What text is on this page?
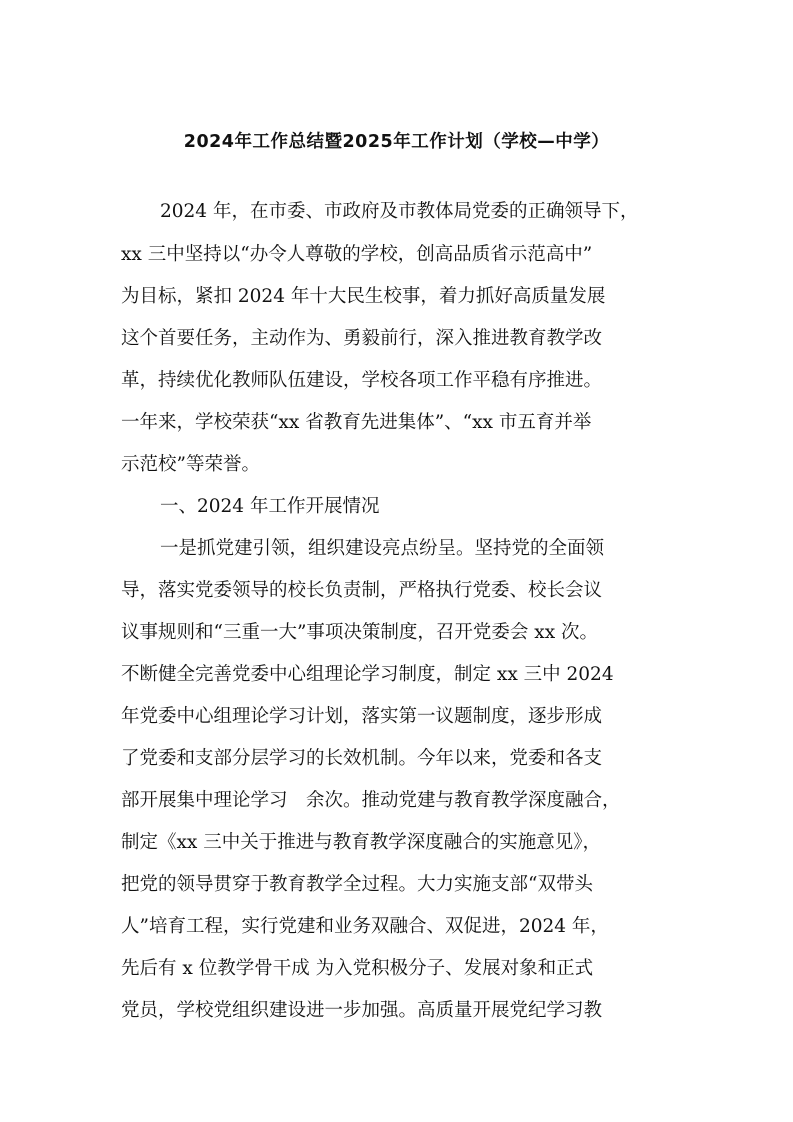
2024年工作总结暨2025年工作计划（学校—中学）
2024 年，在市委、市政府及市教体局党委的正确领导下，
xx 三中坚持以“办令人尊敬的学校，创高品质省示范高中”
为目标，紧扣 2024 年十大民生校事，着力抓好高质量发展
这个首要任务，主动作为、勇毅前行，深入推进教育教学改
革，持续优化教师队伍建设，学校各项工作平稳有序推进。
一年来，学校荣获“xx 省教育先进集体”、“xx 市五育并举
示范校”等荣誉。
一、2024 年工作开展情况
一是抓党建引领，组织建设亮点纷呈。坚持党的全面领
导，落实党委领导的校长负责制，严格执行党委、校长会议
议事规则和“三重一大”事项决策制度，召开党委会 xx 次。
不断健全完善党委中心组理论学习制度，制定 xx 三中 2024
年党委中心组理论学习计划，落实第一议题制度，逐步形成
了党委和支部分层学习的长效机制。今年以来，党委和各支
部开展集中理论学习　余次。推动党建与教育教学深度融合，
制定《xx 三中关于推进与教育教学深度融合的实施意见》，
把党的领导贯穿于教育教学全过程。大力实施支部“双带头
人”培育工程，实行党建和业务双融合、双促进，2024 年，
先后有 x 位教学骨干成 为入党积极分子、发展对象和正式
党员，学校党组织建设进一步加强。高质量开展党纪学习教
